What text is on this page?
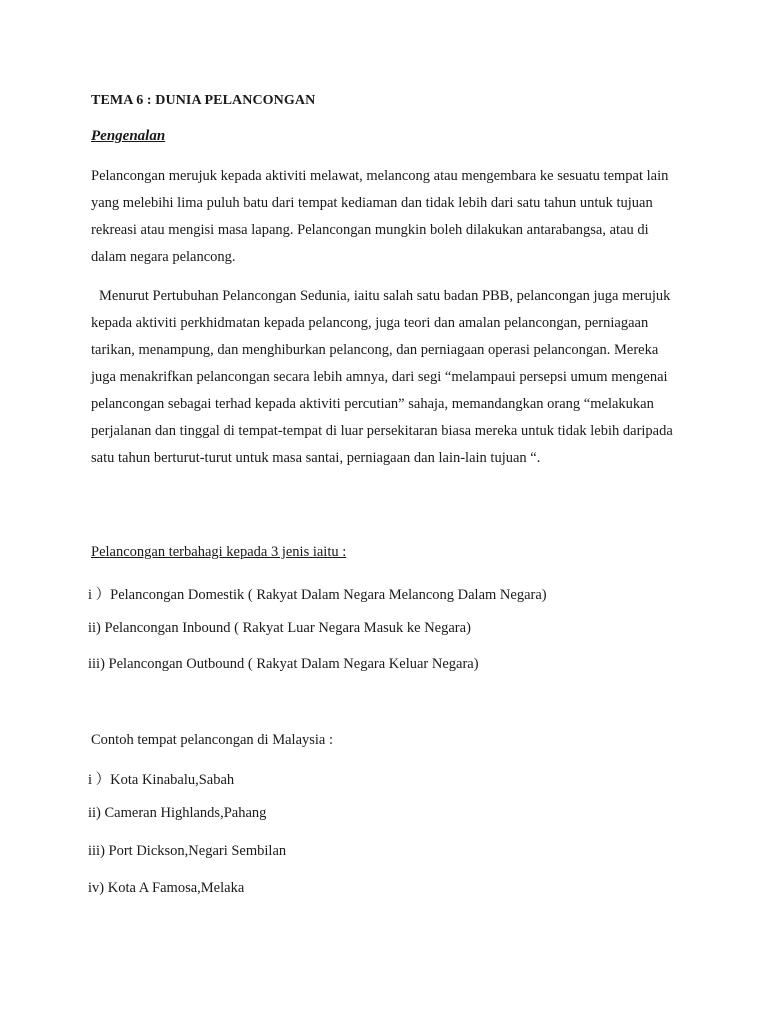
TEMA 6 : DUNIA PELANCONGAN
Pengenalan

Pelancongan merujuk kepada aktiviti melawat, melancong atau mengembara ke sesuatu tempat lain yang melebihi lima puluh batu dari tempat kediaman dan tidak lebih dari satu tahun untuk tujuan rekreasi atau mengisi masa lapang. Pelancongan mungkin boleh dilakukan antarabangsa, atau di dalam negara pelancong.

Menurut Pertubuhan Pelancongan Sedunia, iaitu salah satu badan PBB, pelancongan juga merujuk kepada aktiviti perkhidmatan kepada pelancong, juga teori dan amalan pelancongan, perniagaan tarikan, menampung, dan menghiburkan pelancong, dan perniagaan operasi pelancongan. Mereka juga menakrifkan pelancongan secara lebih amnya, dari segi “melampaui persepsi umum mengenai pelancongan sebagai terhad kepada aktiviti percutian” sahaja, memandangkan orang “melakukan perjalanan dan tinggal di tempat-tempat di luar persekitaran biasa mereka untuk tidak lebih daripada satu tahun berturut-turut untuk masa santai, perniagaan dan lain-lain tujuan “.

Pelancongan terbahagi kepada 3 jenis iaitu :
i ）Pelancongan Domestik ( Rakyat Dalam Negara Melancong Dalam Negara)
ii) Pelancongan Inbound ( Rakyat Luar Negara Masuk ke Negara)
iii) Pelancongan Outbound ( Rakyat Dalam Negara Keluar Negara)
Contoh tempat pelancongan di Malaysia :
i ）Kota Kinabalu,Sabah
ii) Cameran Highlands,Pahang
iii) Port Dickson,Negari Sembilan
iv) Kota A Famosa,Melaka
